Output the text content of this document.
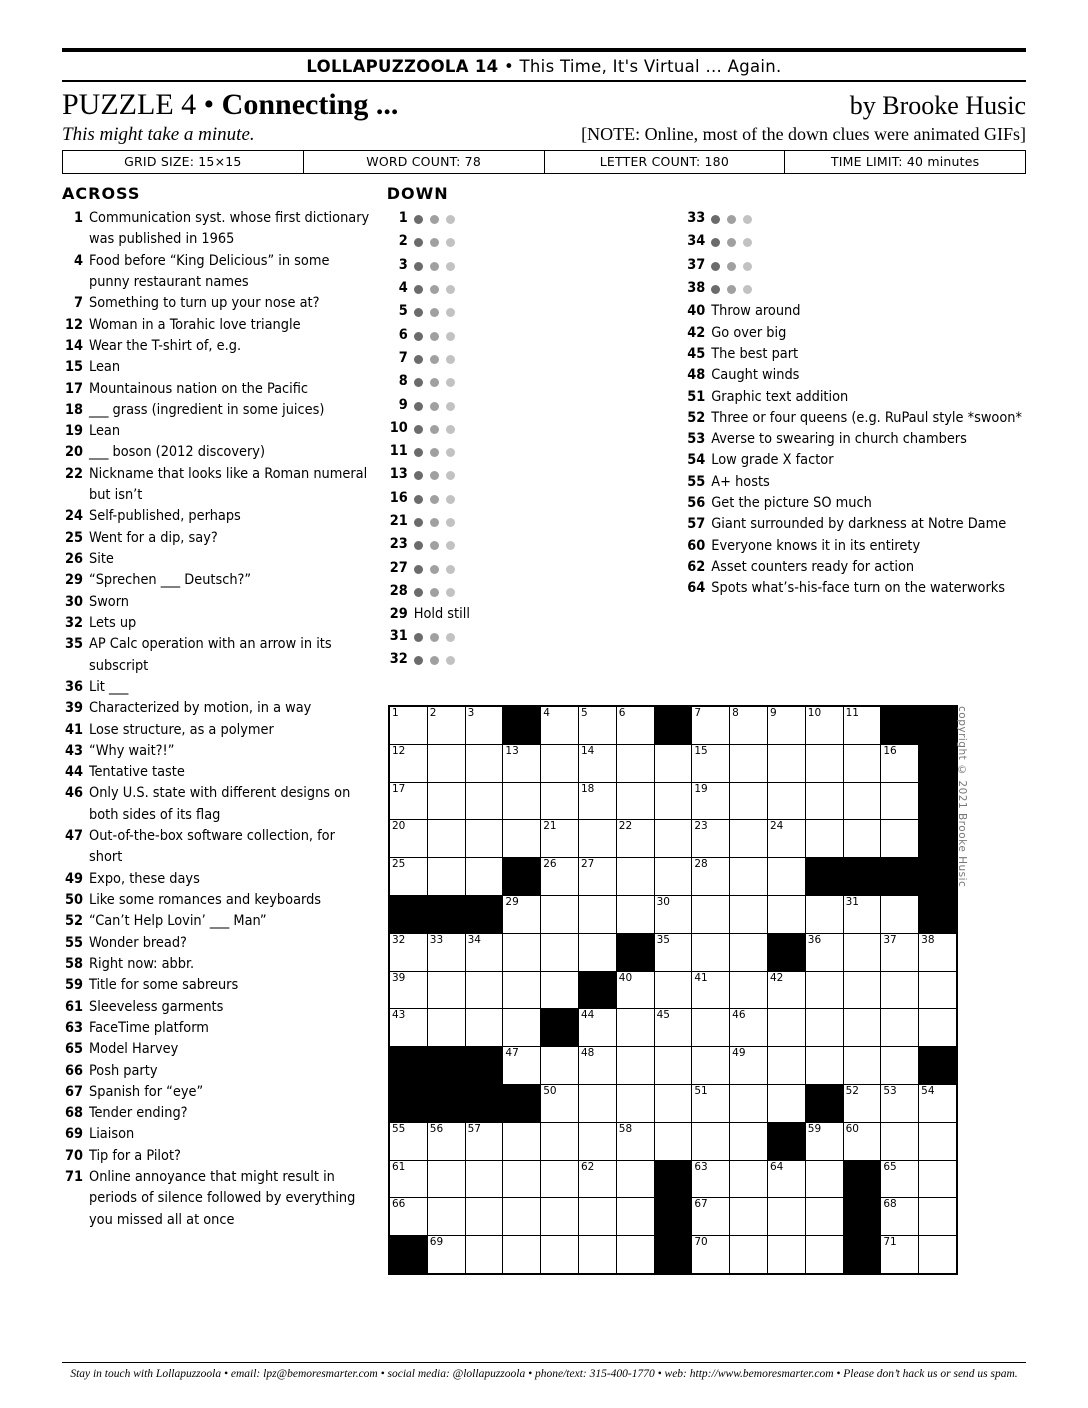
LOLLAPUZZOOLA 14 • This Time, It's Virtual ... Again.
PUZZLE 4 • Connecting ...	by Brooke Husic
This might take a minute.	[NOTE: Online, most of the down clues were animated GIFs]
GRID SIZE: 15×15	WORD COUNT: 78	LETTER COUNT: 180	TIME LIMIT: 40 minutes
ACROSS
1 Communication syst. whose first dictionary was published in 1965
4 Food before “King Delicious” in some punny restaurant names
7 Something to turn up your nose at?
12 Woman in a Torahic love triangle
14 Wear the T-shirt of, e.g.
15 Lean
17 Mountainous nation on the Pacific
18 ___ grass (ingredient in some juices)
19 Lean
20 ___ boson (2012 discovery)
22 Nickname that looks like a Roman numeral but isn’t
24 Self-published, perhaps
25 Went for a dip, say?
26 Site
29 “Sprechen ___ Deutsch?”
30 Sworn
32 Lets up
35 AP Calc operation with an arrow in its subscript
36 Lit ___
39 Characterized by motion, in a way
41 Lose structure, as a polymer
43 “Why wait?!”
44 Tentative taste
46 Only U.S. state with different designs on both sides of its flag
47 Out-of-the-box software collection, for short
49 Expo, these days
50 Like some romances and keyboards
52 “Can’t Help Lovin’ ___ Man”
55 Wonder bread?
58 Right now: abbr.
59 Title for some sabreurs
61 Sleeveless garments
63 FaceTime platform
65 Model Harvey
66 Posh party
67 Spanish for “eye”
68 Tender ending?
69 Liaison
70 Tip for a Pilot?
71 Online annoyance that might result in periods of silence followed by everything you missed all at once
DOWN
1
2
3
4
5
6
7
8
9
10
11
13
16
21
23
27
28
29 Hold still
31
32
33
34
37
38
40 Throw around
42 Go over big
45 The best part
48 Caught winds
51 Graphic text addition
52 Three or four queens (e.g. RuPaul style *swoon*
53 Averse to swearing in church chambers
54 Low grade X factor
55 A+ hosts
56 Get the picture SO much
57 Giant surrounded by darkness at Notre Dame
60 Everyone knows it in its entirety
62 Asset counters ready for action
64 Spots what’s-his-face turn on the waterworks
1	2	3		4	5	6		7	8	9	10	11		

12			13		14			15					16	

17					18			19						

20				21		22		23		24				

25				26	27			28						

			29				30					31		

32	33	34					35				36		37	38

39						40		41		42				

43					44		45		46					

			47		48				49					

				50				51				52	53	54

55	56	57				58					59	60		

61					62			63		64			65	

66								67					68	

	69							70					71	

copyright © 2021 Brooke Husic
Stay in touch with Lollapuzzoola • email: lpz@bemoresmarter.com • social media: @lollapuzzoola • phone/text: 315-400-1770 • web: http://www.bemoresmarter.com • Please don’t hack us or send us spam.
